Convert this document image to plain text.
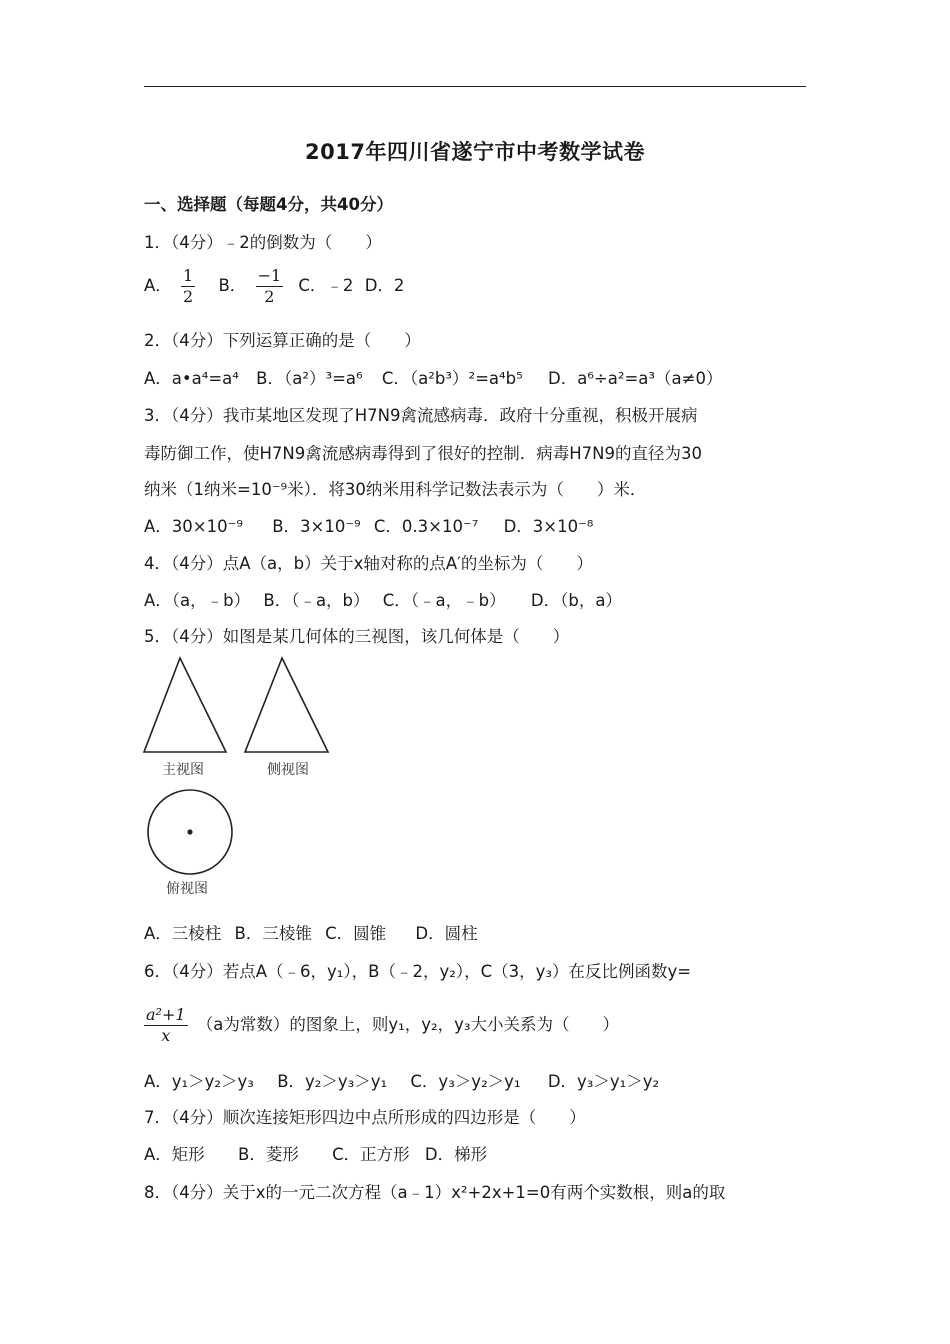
2017年四川省遂宁市中考数学试卷
一、选择题（每题4分，共40分）
1．（4分）﹣2的倒数为（　　）
A． $\frac{1}{2}$ B． $\frac{-1}{2}$ C．﹣2 D．2
2．（4分）下列运算正确的是（　　）
A．a•a⁴=a⁴ B．（a²）³=a⁶ C．（a²b³）²=a⁴b⁵ D．a⁶÷a²=a³（a≠0）
3．（4分）我市某地区发现了H7N9禽流感病毒．政府十分重视，积极开展病
毒防御工作，使H7N9禽流感病毒得到了很好的控制．病毒H7N9的直径为30
纳米（1纳米=10⁻⁹米）．将30纳米用科学记数法表示为（　　）米．
A．30×10⁻⁹ B．3×10⁻⁹ C．0.3×10⁻⁷ D．3×10⁻⁸
4．（4分）点A（a，b）关于x轴对称的点A′的坐标为（　　）
A．（a，﹣b） B．（﹣a，b） C．（﹣a，﹣b） D．（b，a）
5．（4分）如图是某几何体的三视图，该几何体是（　　）
主视图	侧视图
俯视图
A．三棱柱 B．三棱锥 C．圆锥 D．圆柱
6．（4分）若点A（﹣6，y₁），B（﹣2，y₂），C（3，y₃）在反比例函数y=
$\frac{\text{a²+1}}{x} (a$为常数）的图象上，则y₁，y₂，y₃大小关系为（　　）
A．y₁＞y₂＞y₃ B．y₂＞y₃＞y₁ C．y₃＞y₂＞y₁ D．y₃＞y₁＞y₂
7．（4分）顺次连接矩形四边中点所形成的四边形是（　　）
A．矩形 B．菱形 C．正方形 D．梯形
8．（4分）关于x的一元二次方程（a﹣1）x²+2x+1=0有两个实数根，则a的取
